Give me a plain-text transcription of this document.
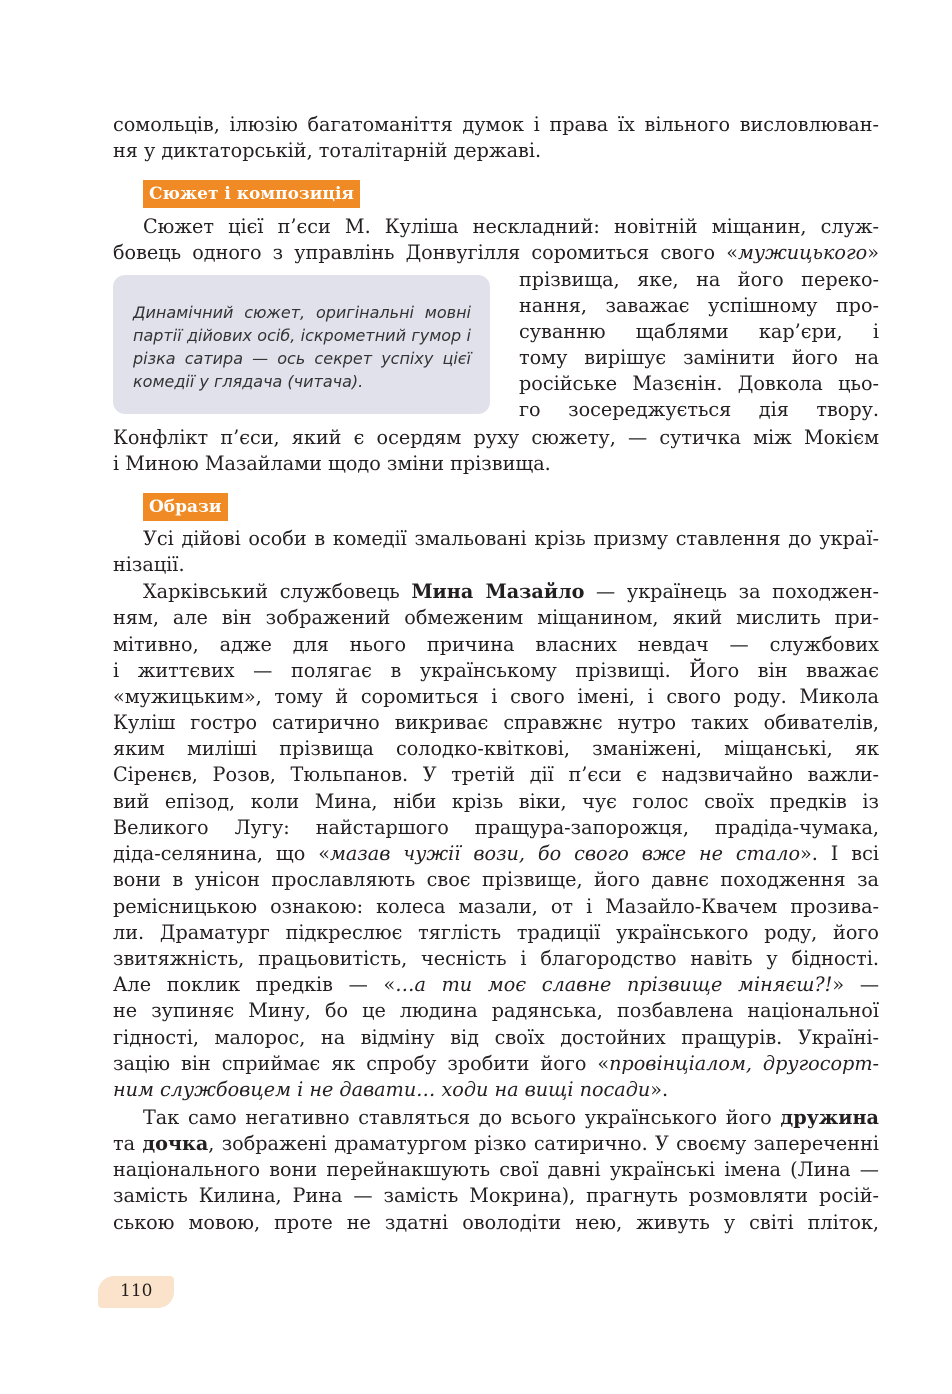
сомольців, ілюзію багатоманіття думок і права їх вільного висловлюван-
ня у диктаторській, тоталітарній державі.
Сюжет і композиція
Сюжет цієї п’єси М. Куліша нескладний: новітній міщанин, служ-
бовець одного з управлінь Донвугілля соромиться свого «мужицького»

Динамічний сюжет, оригінальні мовні партії дійових осіб, іскрометний гумор і різка сатира — ось секрет успіху цієї комедії у глядача (читача).

прізвища, яке, на його переко-
нання, заважає успішному про-
суванню щаблями кар’єри, і
тому вирішує замінити його на
російське Мазєнін. Довкола цьо-
го зосереджується дія твору.
Конфлікт п’єси, який є осердям руху сюжету, — сутичка між Мокієм
і Миною Мазайлами щодо зміни прізвища.
Образи
Усі дійові особи в комедії змальовані крізь призму ставлення до украї-
нізації.
Харківський службовець Мина Мазайло — українець за походжен-
ням, але він зображений обмеженим міщанином, який мислить при-
мітивно, адже для нього причина власних невдач — службових
і життєвих — полягає в українському прізвищі. Його він вважає
«мужицьким», тому й соромиться і свого імені, і свого роду. Микола
Куліш гостро сатирично викриває справжнє нутро таких обивателів,
яким миліші прізвища солодко-квіткові, зманіжені, міщанські, як
Сіренєв, Розов, Тюльпанов. У третій дії п’єси є надзвичайно важли-
вий епізод, коли Мина, ніби крізь віки, чує голос своїх предків із
Великого Лугу: найстаршого пращура-запорожця, прадіда-чумака,
діда-селянина, що «мазав чужії вози, бо свого вже не стало». І всі
вони в унісон прославляють своє прізвище, його давнє походження за
ремісницькою ознакою: колеса мазали, от і Мазайло-Квачем прозива-
ли. Драматург підкреслює тяглість традиції українського роду, його
звитяжність, працьовитість, чесність і благородство навіть у бідності.
Але поклик предків — «…а ти моє славне прізвище міняєш?!» —
не зупиняє Мину, бо це людина радянська, позбавлена національної
гідності, малорос, на відміну від своїх достойних пращурів. Україні-
зацію він сприймає як спробу зробити його «провінціалом, другосорт-
ним службовцем і не давати… ходи на вищі посади».
Так само негативно ставляться до всього українського його дружина
та дочка, зображені драматургом різко сатирично. У своєму запереченні
національного вони перейнакшують свої давні українські імена (Лина —
замість Килина, Рина — замість Мокрина), прагнуть розмовляти росій-
ською мовою, проте не здатні оволодіти нею, живуть у світі пліток,
110
